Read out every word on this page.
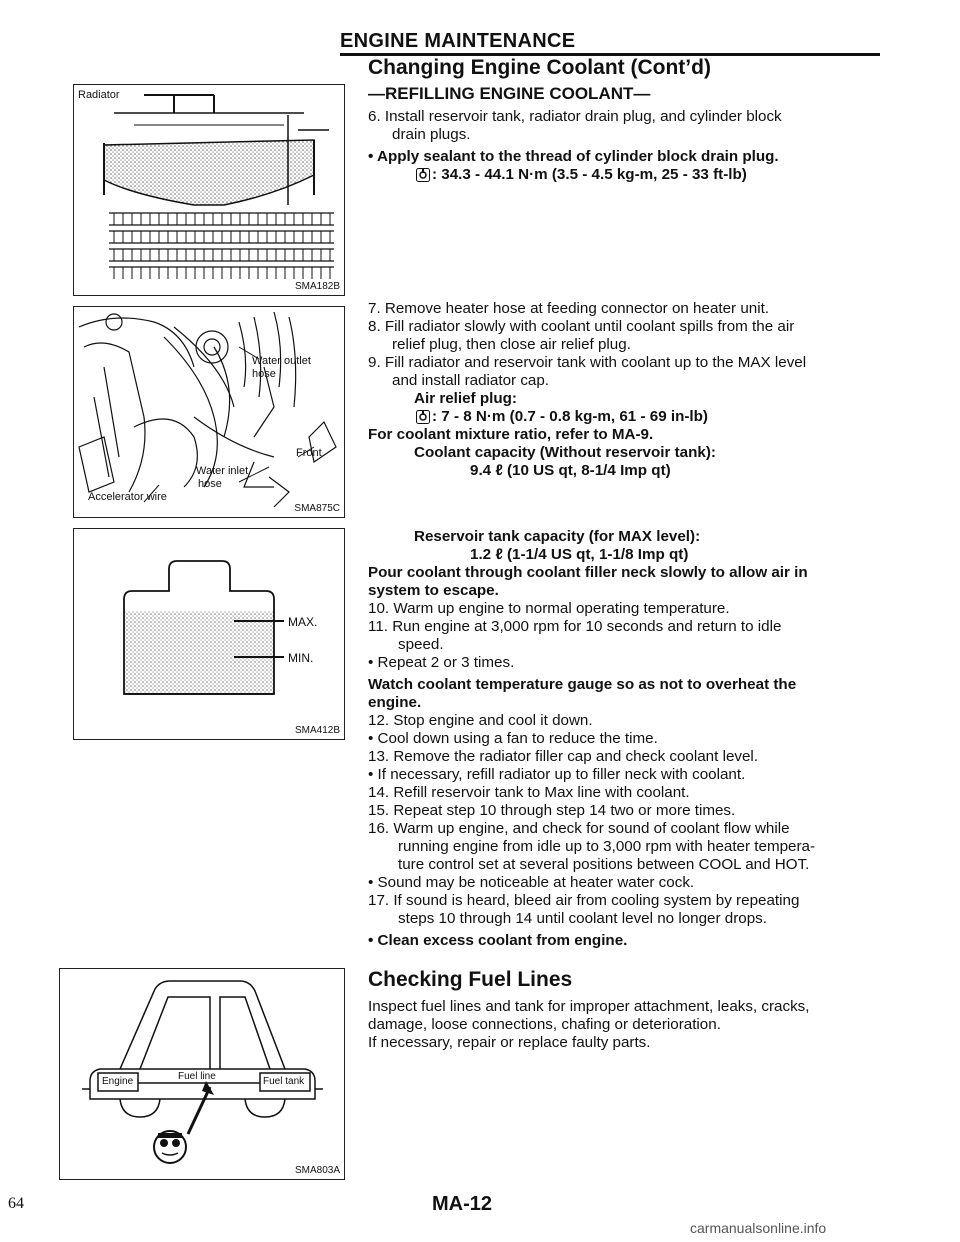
ENGINE MAINTENANCE
Changing Engine Coolant (Cont’d)
—REFILLING ENGINE COOLANT—
6. Install reservoir tank, radiator drain plug, and cylinder block
drain plugs.
• Apply sealant to the thread of cylinder block drain plug.
: 34.3 - 44.1 N·m (3.5 - 4.5 kg-m, 25 - 33 ft-lb)
7. Remove heater hose at feeding connector on heater unit.
8. Fill radiator slowly with coolant until coolant spills from the air
relief plug, then close air relief plug.
9. Fill radiator and reservoir tank with coolant up to the MAX level
and install radiator cap.
Air relief plug:
: 7 - 8 N·m (0.7 - 0.8 kg-m, 61 - 69 in-lb)
For coolant mixture ratio, refer to MA-9.
Coolant capacity (Without reservoir tank):
9.4 ℓ (10 US qt, 8-1/4 Imp qt)
Reservoir tank capacity (for MAX level):
1.2 ℓ (1-1/4 US qt, 1-1/8 Imp qt)
Pour coolant through coolant filler neck slowly to allow air in
system to escape.
10. Warm up engine to normal operating temperature.
11. Run engine at 3,000 rpm for 10 seconds and return to idle
speed.
• Repeat 2 or 3 times.
Watch coolant temperature gauge so as not to overheat the
engine.
12. Stop engine and cool it down.
• Cool down using a fan to reduce the time.
13. Remove the radiator filler cap and check coolant level.
• If necessary, refill radiator up to filler neck with coolant.
14. Refill reservoir tank to Max line with coolant.
15. Repeat step 10 through step 14 two or more times.
16. Warm up engine, and check for sound of coolant flow while
running engine from idle up to 3,000 rpm with heater tempera-
ture control set at several positions between COOL and HOT.
• Sound may be noticeable at heater water cock.
17. If sound is heard, bleed air from cooling system by repeating
steps 10 through 14 until coolant level no longer drops.
• Clean excess coolant from engine.
Checking Fuel Lines
Inspect fuel lines and tank for improper attachment, leaks, cracks,
damage, loose connections, chafing or deterioration.
If necessary, repair or replace faulty parts.
Radiator
SMA182B
Water outlet
hose
Front
Water inlet
hose
Accelerator wire
SMA875C
MAX.
MIN.
SMA412B
Engine	Fuel line	Fuel tank
SMA803A
64	MA-12
carmanualsonline.info
